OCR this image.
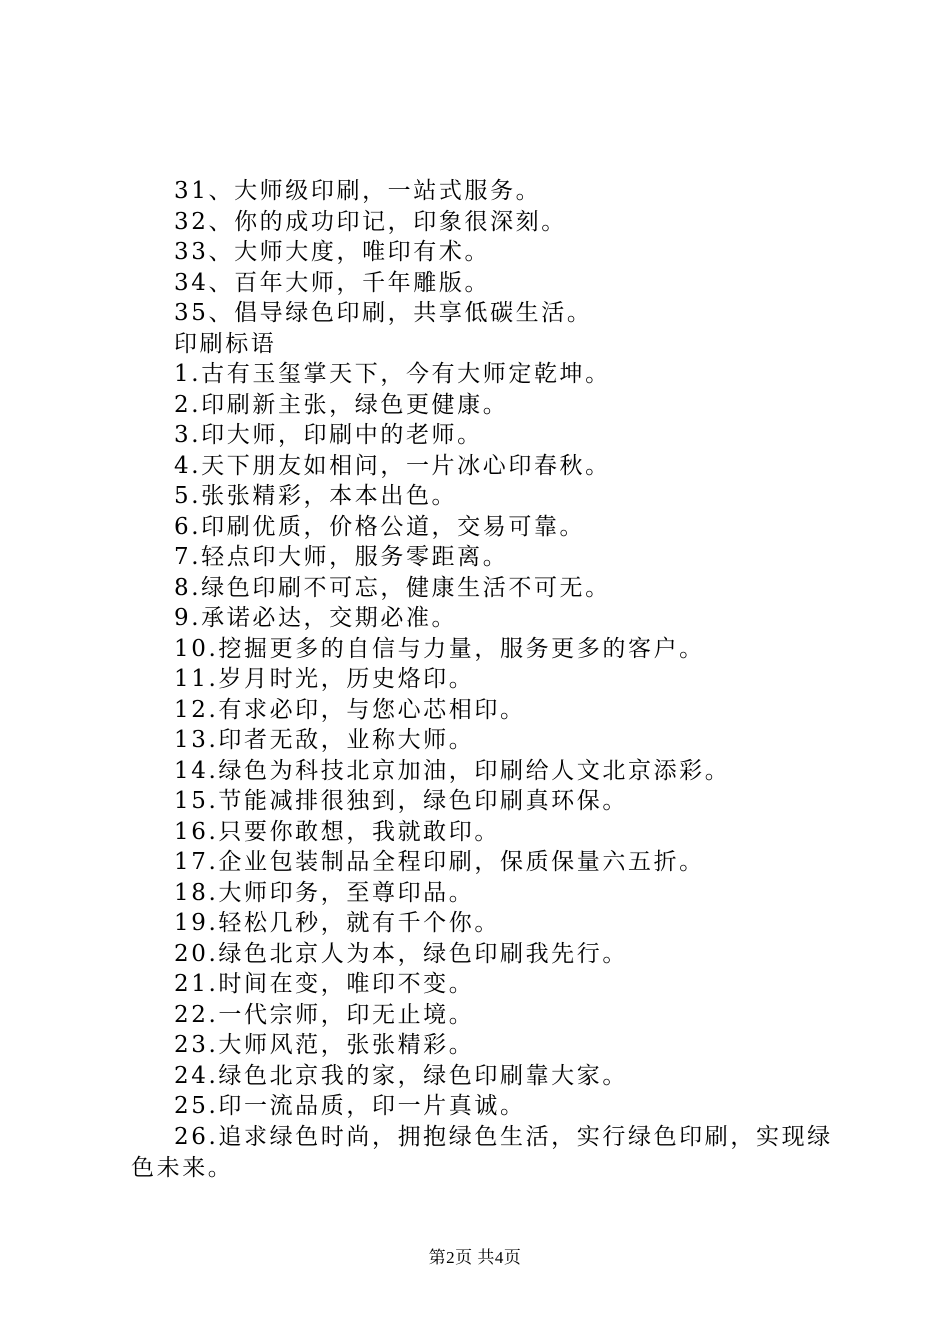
31、大师级印刷，一站式服务。
32、你的成功印记，印象很深刻。
33、大师大度，唯印有术。
34、百年大师，千年雕版。
35、倡导绿色印刷，共享低碳生活。
印刷标语
1.古有玉玺掌天下，今有大师定乾坤。
2.印刷新主张，绿色更健康。
3.印大师，印刷中的老师。
4.天下朋友如相问，一片冰心印春秋。
5.张张精彩，本本出色。
6.印刷优质，价格公道，交易可靠。
7.轻点印大师，服务零距离。
8.绿色印刷不可忘，健康生活不可无。
9.承诺必达，交期必准。
10.挖掘更多的自信与力量，服务更多的客户。
11.岁月时光，历史烙印。
12.有求必印，与您心芯相印。
13.印者无敌，业称大师。
14.绿色为科技北京加油，印刷给人文北京添彩。
15.节能减排很独到，绿色印刷真环保。
16.只要你敢想，我就敢印。
17.企业包装制品全程印刷，保质保量六五折。
18.大师印务，至尊印品。
19.轻松几秒，就有千个你。
20.绿色北京人为本，绿色印刷我先行。
21.时间在变，唯印不变。
22.一代宗师，印无止境。
23.大师风范，张张精彩。
24.绿色北京我的家，绿色印刷靠大家。
25.印一流品质，印一片真诚。

26.追求绿色时尚，拥抱绿色生活，实行绿色印刷，实现绿色未来。

第2页 共4页
